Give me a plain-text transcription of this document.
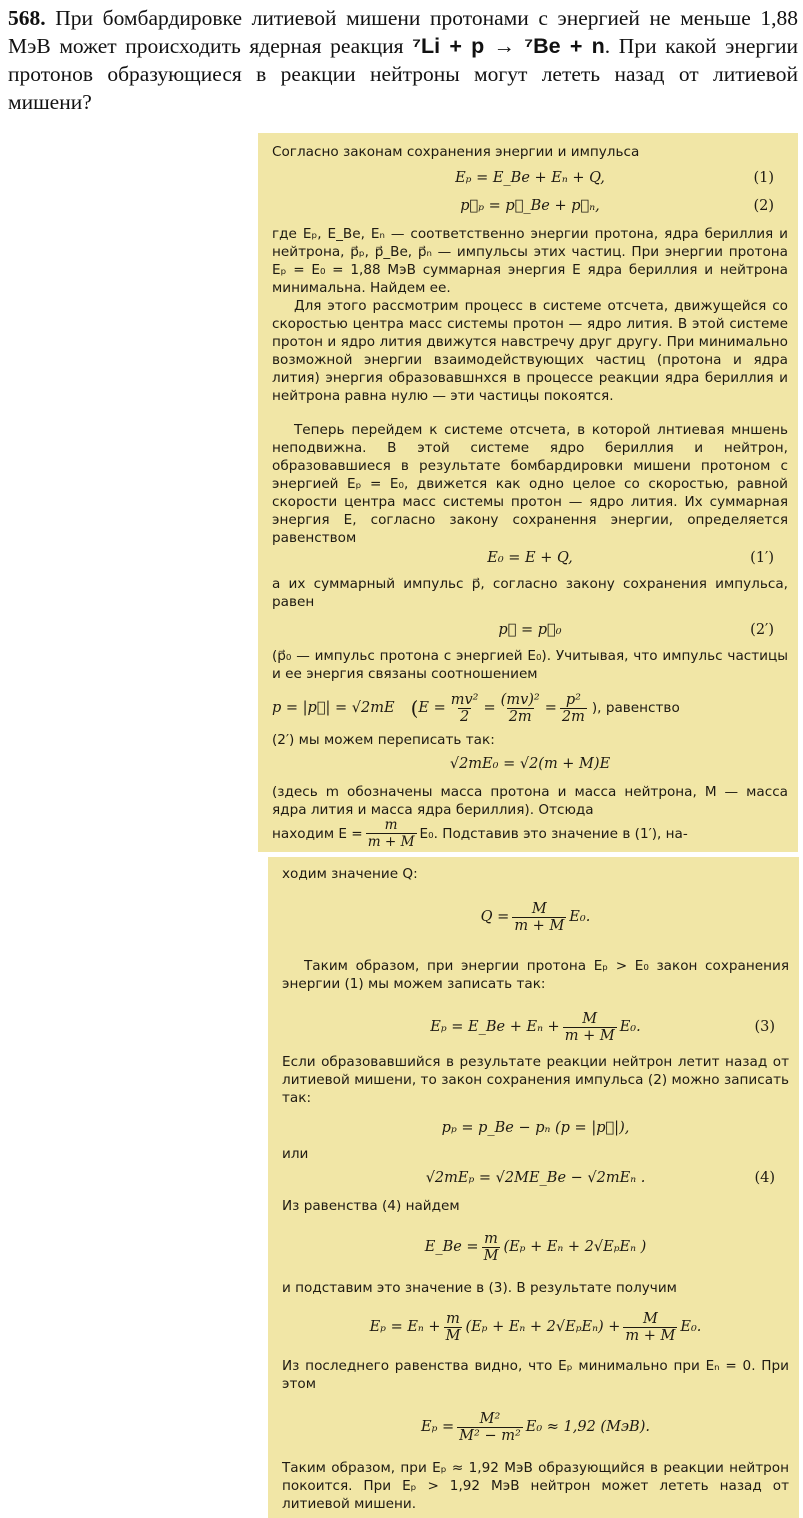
568. При бомбардировке литиевой мишени протонами с энергией не меньше 1,88 МэВ может происходить ядерная реакция ⁷Li + p → ⁷Be + n. При какой энергии протонов образующиеся в реакции нейтроны могут лететь назад от литиевой мишени?
Согласно законам сохранения энергии и импульса
Eₚ = E_Be + Eₙ + Q,	(1)
p⃗ₚ = p⃗_Be + p⃗ₙ,	(2)
где Eₚ, E_Be, Eₙ — соответственно энергии протона, ядра бериллия и нейтрона, p⃗ₚ, p⃗_Be, p⃗ₙ — импульсы этих частиц. При энергии протона Eₚ = E₀ = 1,88 МэВ суммарная энергия E ядра бериллия и нейтрона минимальна. Найдем ее.
Для этого рассмотрим процесс в системе отсчета, движущейся со скоростью центра масс системы протон — ядро лития. В этой системе протон и ядро лития движутся навстречу друг другу. При минимально возможной энергии взаимодействующих частиц (протона и ядра лития) энергия образовавшнхся в процессе реакции ядра бериллия и нейтрона равна нулю — эти частицы покоятся.
Теперь перейдем к системе отсчета, в которой лнтиевая мншень неподвижна. В этой системе ядро бериллия и нейтрон, образовавшиеся в результате бомбардировки мишени протоном с энергией Eₚ = E₀, движется как одно целое со скоростью, равной скорости центра масс системы протон — ядро лития. Их суммарная энергия E, согласно закону сохранення энергии, определяется равенством
E₀ = E + Q,	(1′)
а их суммарный импульс p⃗, согласно закону сохранения импульса, равен
p⃗ = p⃗₀	(2′)
(p⃗₀ — импульс протона с энергией E₀). Учитывая, что импульс частицы и ее энергия связаны соотношением
p = |p⃗| = √2mE ( $E = \frac{\text{mv²}}{2} = \frac{\text{(mv)²}}{2m} = \frac{\text{p²}}{2m}$ ), равенство
(2′) мы можем переписать так:
√2mE₀ = √2(m + M)E
(здесь m обозначены масса протона и масса нейтрона, M — масса ядра лития и масса ядра бериллия). Отсюда
находим $E = \frac{m}{m + M} E_0$. Подставив это значение в (1′), на-
ходим значение Q:
$Q = \frac{M}{m + M} E_0$.
Таким образом, при энергии протона Eₚ > E₀ закон сохранения энергии (1) мы можем записать так:
Eₚ = E_Be + $E_n + \frac{M}{m + M} E_0$.	(3)
Если образовавшийся в результате реакции нейтрон летит назад от литиевой мишени, то закон сохранения импульса (2) можно записать так:
pₚ = p_Be − pₙ (p = |p⃗|),
или
√2mEₚ = √2ME_Be − √2mEₙ .	(4)
Из равенства (4) найдем
E_Be = $\frac{m}{M} (E_p + E_n + 2√E_pE_n$ )
и подставим это значение в (3). В результате получим
$E_p = E_n + \frac{m}{M} (E_p + E_n + 2√E_pE_n) + \frac{M}{m + M} E_0$.
Из последнего равенства видно, что Eₚ минимально при Eₙ = 0. При этом
$E_p = \frac{\text{M²}}{\text{M² − m²}} E_0 \approx 1,92$ (МэВ).
Таким образом, при Eₚ ≈ 1,92 МэВ образующийся в реакции нейтрон покоится. При Eₚ > 1,92 МэВ нейтрон может лететь назад от литиевой мишени.
